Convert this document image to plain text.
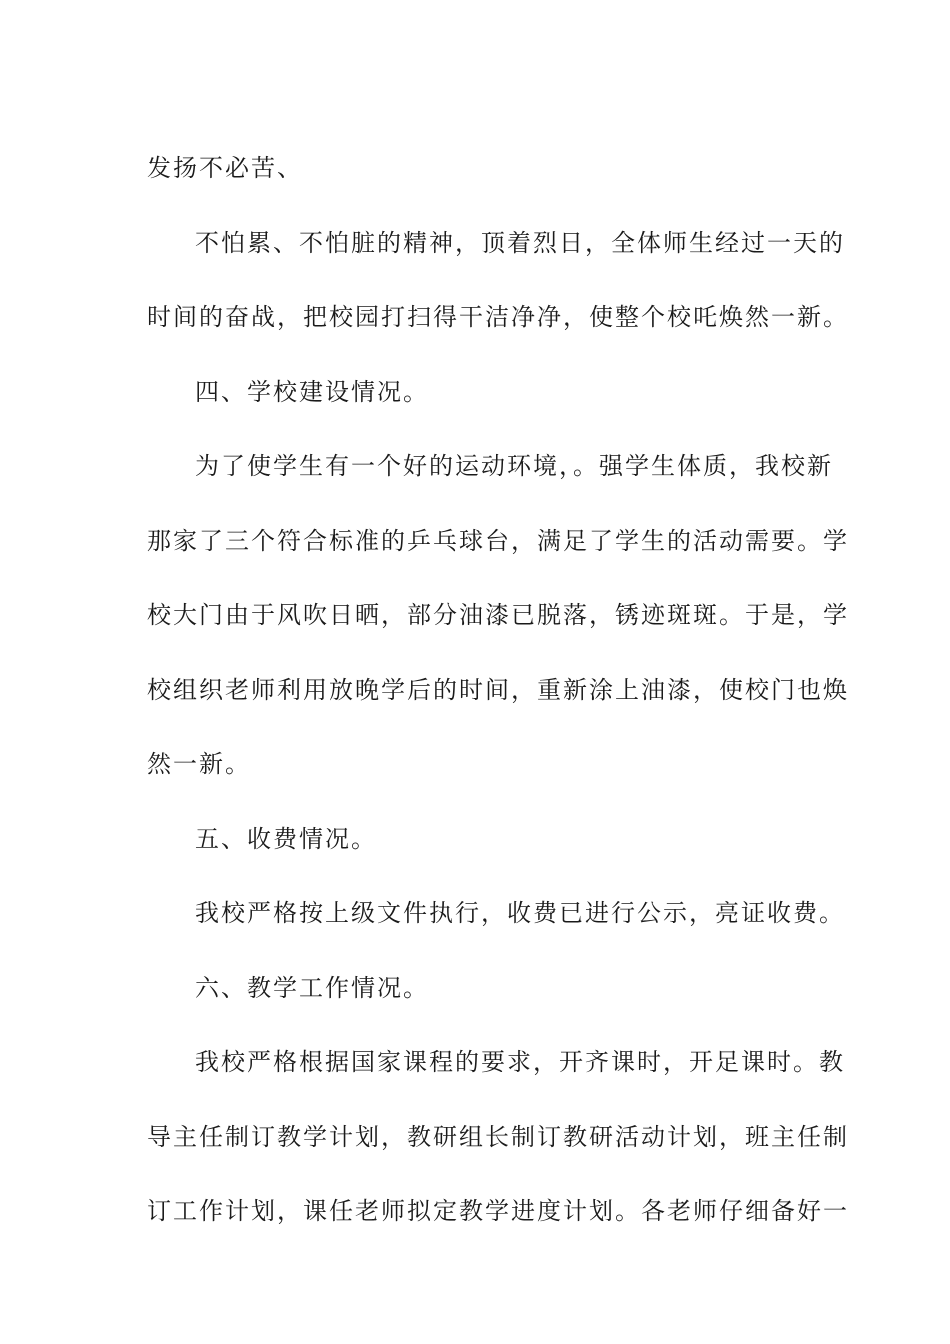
发扬不必苦、
不怕累、不怕脏的精神，顶着烈日，全体师生经过一天的
时间的奋战，把校园打扫得干洁净净，使整个校吒焕然一新。
四、学校建设情况。
为了使学生有一个好的运动环境，。强学生体质，我校新
那家了三个符合标准的乒乓球台，满足了学生的活动需要。学
校大门由于风吹日晒，部分油漆已脱落，锈迹斑斑。于是，学
校组织老师利用放晚学后的时间，重新涂上油漆，使校门也焕
然一新。
五、收费情况。
我校严格按上级文件执行，收费已进行公示，亮证收费。
六、教学工作情况。
我校严格根据国家课程的要求，开齐课时，开足课时。教
导主任制订教学计划，教研组长制订教研活动计划，班主任制
订工作计划，课任老师拟定教学进度计划。各老师仔细备好一
